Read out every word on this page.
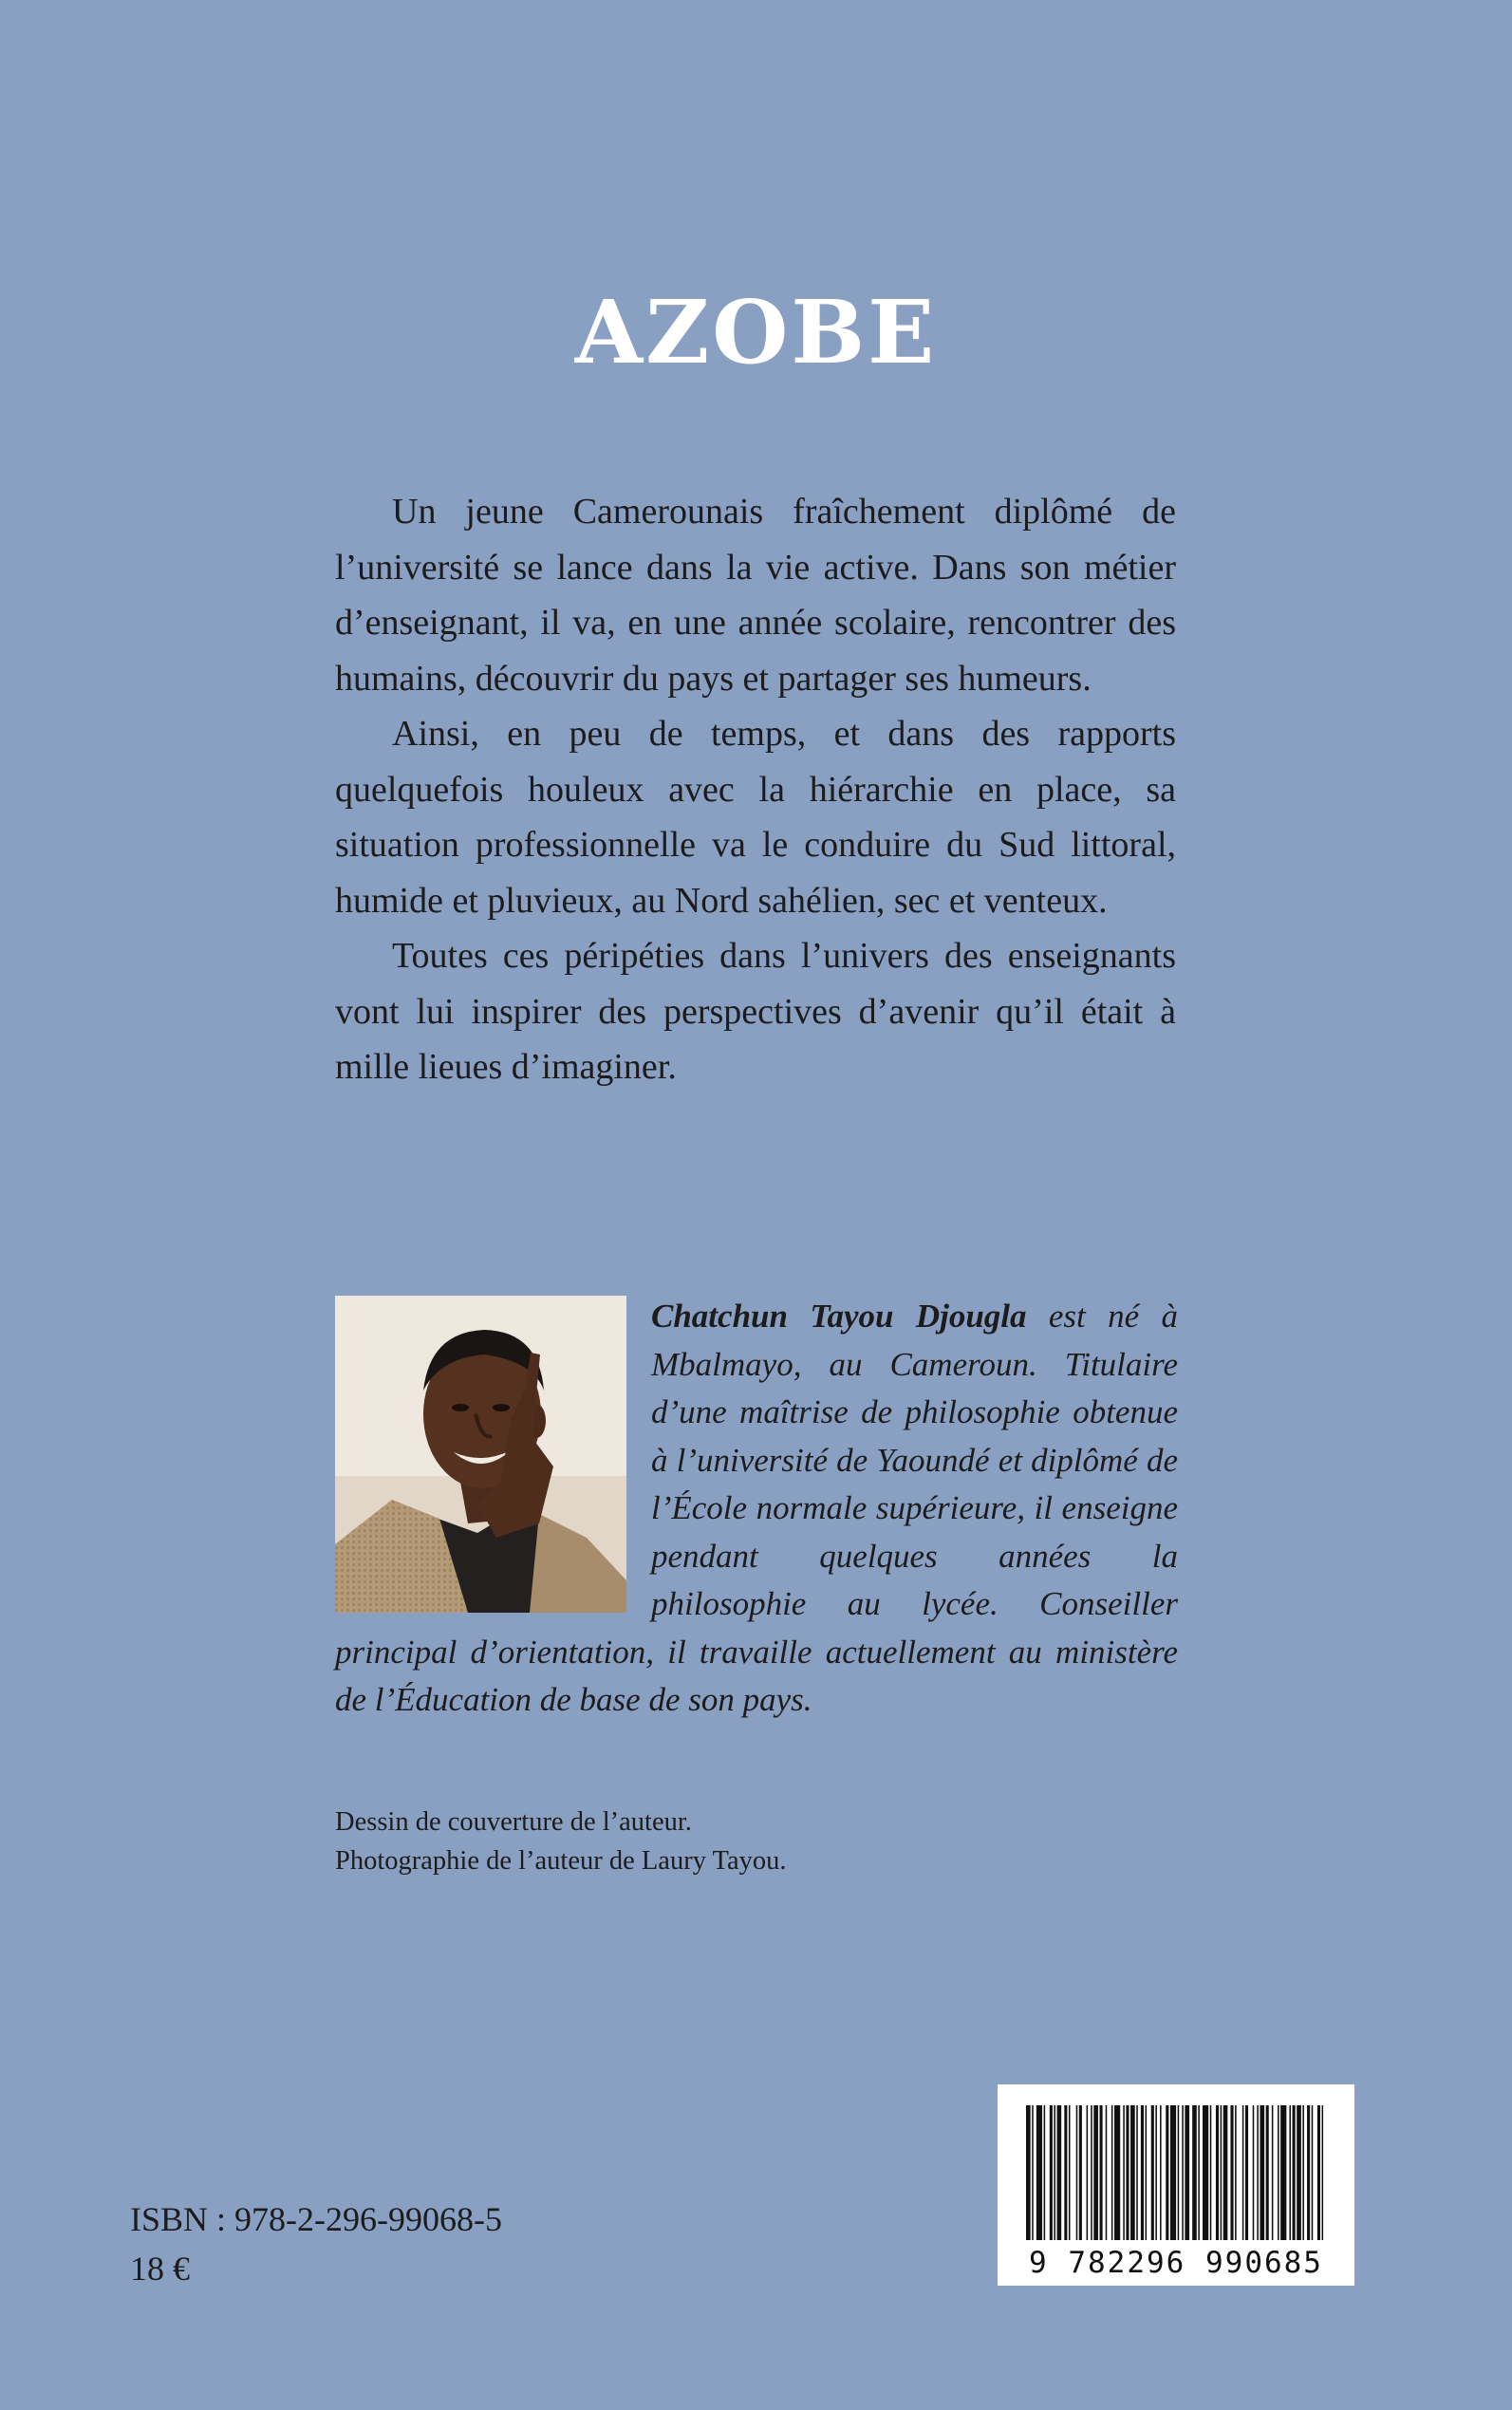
AZOBE

Un jeune Camerounais fraîchement diplômé de l’université se lance dans la vie active. Dans son métier d’enseignant, il va, en une année scolaire, rencontrer des humains, découvrir du pays et partager ses humeurs.

Ainsi, en peu de temps, et dans des rapports quelquefois houleux avec la hiérarchie en place, sa situation professionnelle va le conduire du Sud littoral, humide et pluvieux, au Nord sahélien, sec et venteux.

Toutes ces péripéties dans l’univers des enseignants vont lui inspirer des perspectives d’avenir qu’il était à mille lieues d’imaginer.

Chatchun Tayou Djougla est né à Mbalmayo, au Cameroun. Titulaire d’une maîtrise de philosophie obtenue à l’université de Yaoundé et diplômé de l’École normale supérieure, il enseigne pendant quelques années la philosophie au lycée. Conseiller principal d’orientation, il travaille actuellement au ministère de l’Éducation de base de son pays.
Dessin de couverture de l’auteur.
Photographie de l’auteur de Laury Tayou.
ISBN : 978-2-296-99068-5
18 €	9 782296 990685
